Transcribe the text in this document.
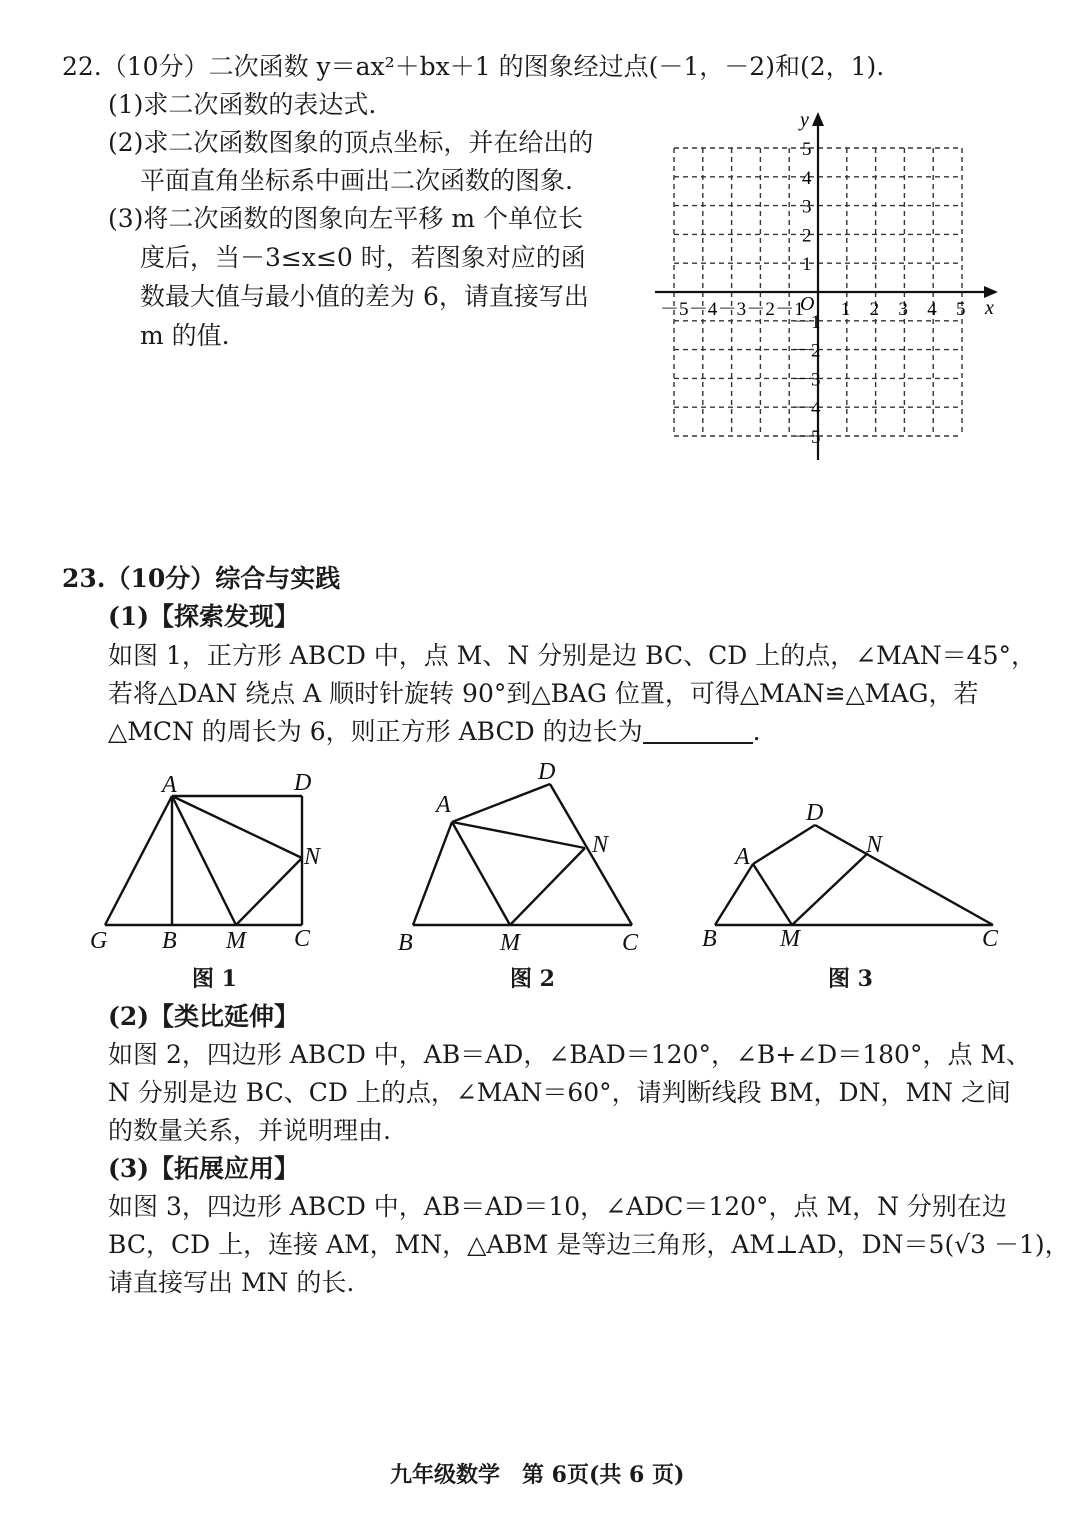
22.（10分）二次函数 y＝ax²＋bx＋1 的图象经过点(－1，－2)和(2，1).
(1)求二次函数的表达式.
(2)求二次函数图象的顶点坐标，并在给出的
平面直角坐标系中画出二次函数的图象.
(3)将二次函数的图象向左平移 m 个单位长
度后，当－3≤x≤0 时，若图象对应的函
数最大值与最小值的差为 6，请直接写出
m 的值.
x
y
O
－5 －4 －3 －2 －1 1 2 3 4 5
5
4
3
2
1
－1
－2
－3
－4
－5
23.（10分）综合与实践
(1)【探索发现】
如图 1，正方形 ABCD 中，点 M、N 分别是边 BC、CD 上的点，∠MAN＝45°，
若将△DAN 绕点 A 顺时针旋转 90°到△BAG 位置，可得△MAN≌△MAG，若
△MCN 的周长为 6，则正方形 ABCD 的边长为	.
A	D
N
G B M C
图 1
A
D
N
B	M	C
图 2
A
D
N
B	M	C
图 3
(2)【类比延伸】
如图 2，四边形 ABCD 中，AB＝AD，∠BAD＝120°，∠B+∠D＝180°，点 M、
N 分别是边 BC、CD 上的点，∠MAN＝60°，请判断线段 BM，DN，MN 之间
的数量关系，并说明理由.
(3)【拓展应用】
如图 3，四边形 ABCD 中，AB＝AD＝10，∠ADC＝120°，点 M，N 分别在边
BC，CD 上，连接 AM，MN，△ABM 是等边三角形，AM⊥AD，DN＝5(√3 －1)，
请直接写出 MN 的长.
九年级数学　第 6页(共 6 页)
